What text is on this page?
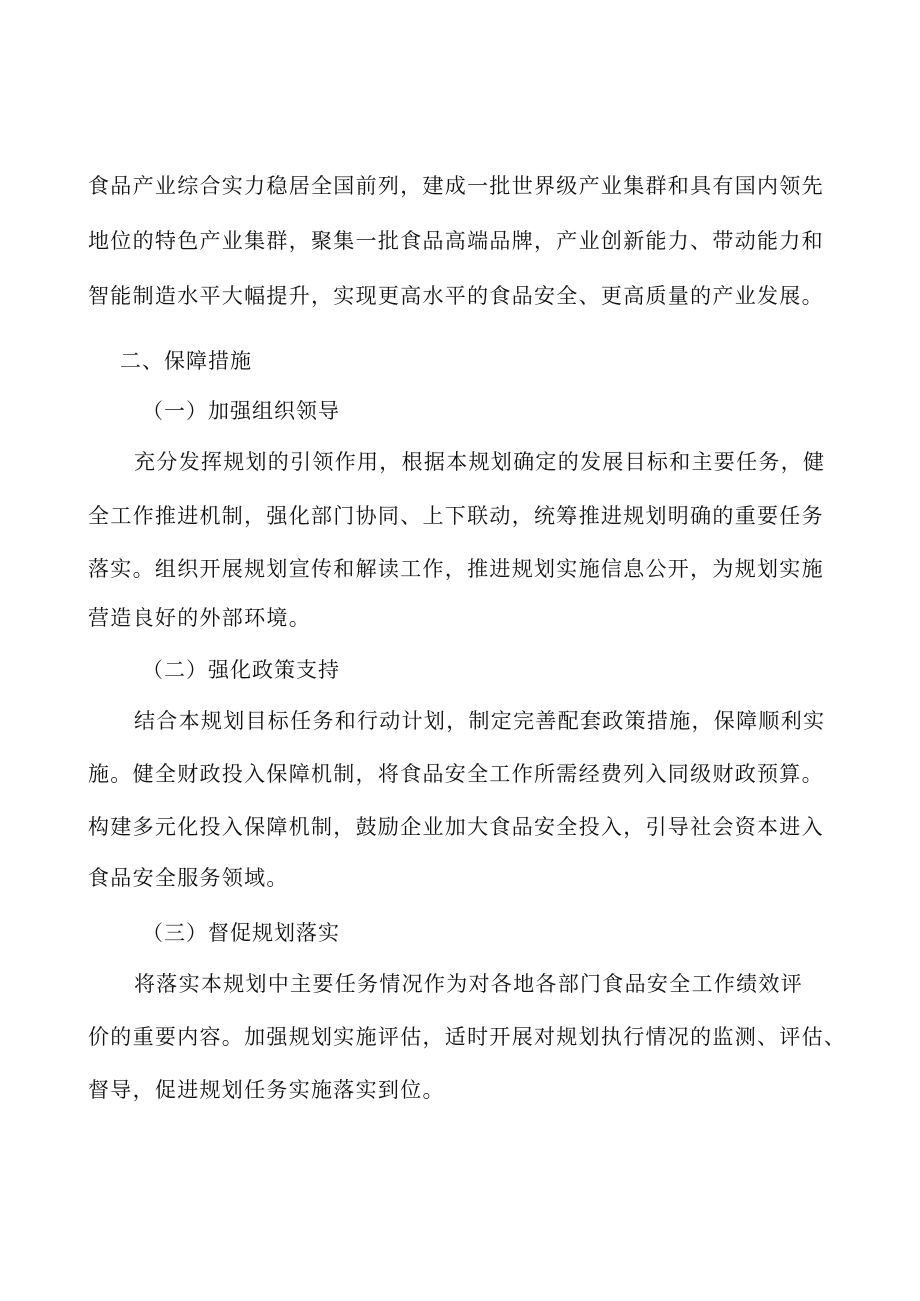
食品产业综合实力稳居全国前列，建成一批世界级产业集群和具有国内领先
地位的特色产业集群，聚集一批食品高端品牌，产业创新能力、带动能力和
智能制造水平大幅提升，实现更高水平的食品安全、更高质量的产业发展。
二、保障措施
（一）加强组织领导
充分发挥规划的引领作用，根据本规划确定的发展目标和主要任务，健
全工作推进机制，强化部门协同、上下联动，统筹推进规划明确的重要任务
落实。组织开展规划宣传和解读工作，推进规划实施信息公开，为规划实施
营造良好的外部环境。
（二）强化政策支持
结合本规划目标任务和行动计划，制定完善配套政策措施，保障顺利实
施。健全财政投入保障机制，将食品安全工作所需经费列入同级财政预算。
构建多元化投入保障机制，鼓励企业加大食品安全投入，引导社会资本进入
食品安全服务领域。
（三）督促规划落实
将落实本规划中主要任务情况作为对各地各部门食品安全工作绩效评
价的重要内容。加强规划实施评估，适时开展对规划执行情况的监测、评估、
督导，促进规划任务实施落实到位。
